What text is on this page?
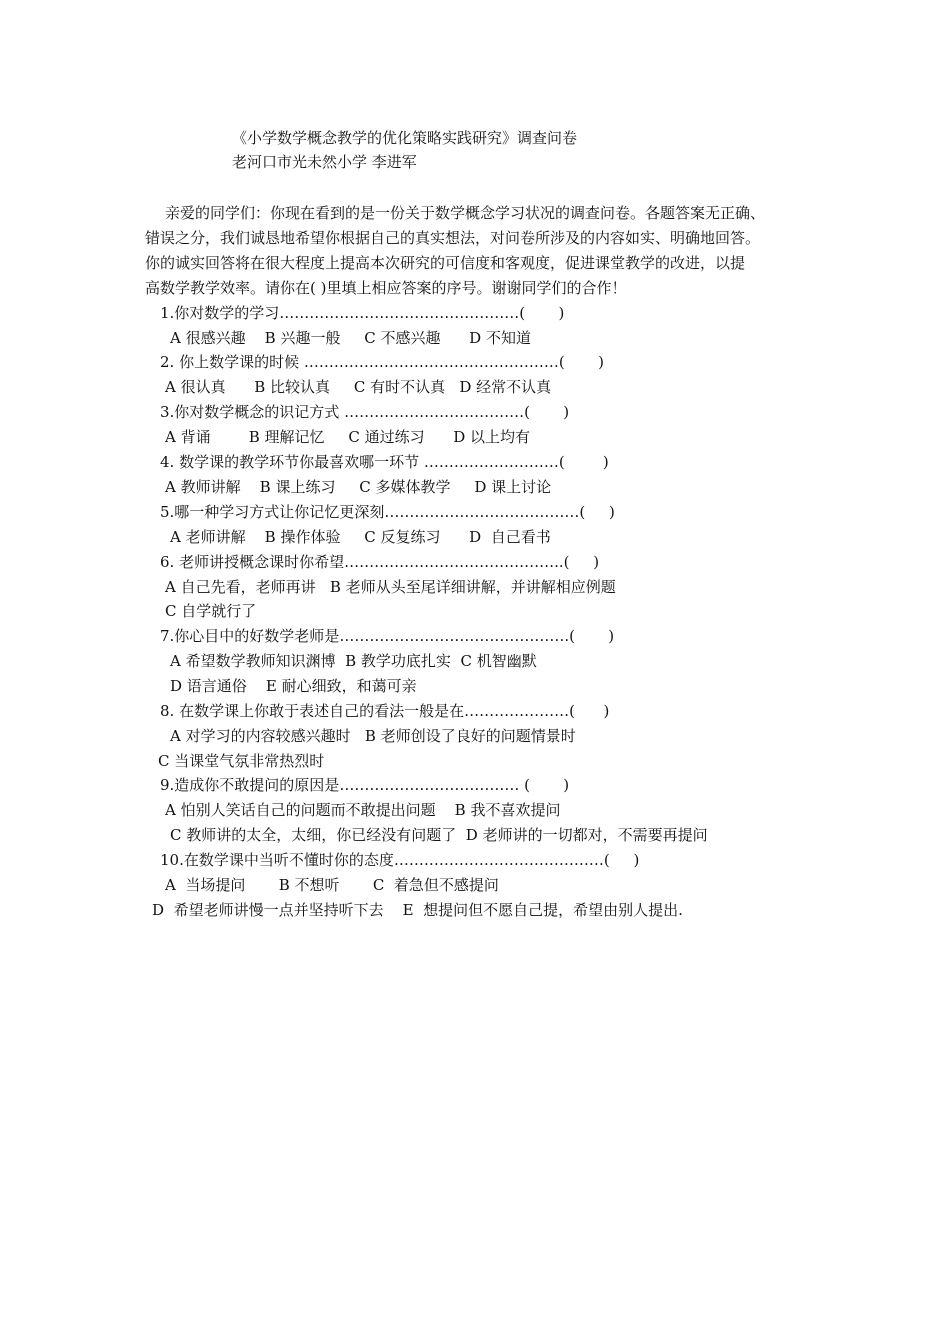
《小学数学概念教学的优化策略实践研究》调查问卷
老河口市光未然小学 李进军
亲爱的同学们：你现在看到的是一份关于数学概念学习状况的调查问卷。各题答案无正确、
错误之分，我们诚恳地希望你根据自己的真实想法，对问卷所涉及的内容如实、明确地回答。
你的诚实回答将在很大程度上提高本次研究的可信度和客观度，促进课堂教学的改进，以提
高数学教学效率。请你在( )里填上相应答案的序号。谢谢同学们的合作！
1.你对数学的学习…………………………………………(       )
A 很感兴趣    B 兴趣一般     C 不感兴趣      D 不知道
2. 你上数学课的时候 ……………………………………………(       )
A 很认真      B 比较认真     C 有时不认真   D 经常不认真
3.你对数学概念的识记方式 ………………………………(       )
A 背诵        B 理解记忆     C 通过练习      D 以上均有
4. 数学课的教学环节你最喜欢哪一环节 ………………………(        )
A 教师讲解    B 课上练习     C 多媒体教学     D 课上讨论
5.哪一种学习方式让你记忆更深刻…………………………………(     )
A 老师讲解    B 操作体验     C 反复练习      D  自己看书
6. 老师讲授概念课时你希望……………………………………..(     )
A 自己先看，老师再讲   B 老师从头至尾详细讲解，并讲解相应例题
C 自学就行了
7.你心目中的好数学老师是……………………………………….(       )
A 希望数学教师知识渊博  B 教学功底扎实  C 机智幽默
D 语言通俗    E 耐心细致，和蔼可亲
8. 在数学课上你敢于表述自己的看法一般是在…………………(      )
A 对学习的内容较感兴趣时   B 老师创设了良好的问题情景时
C 当课堂气氛非常热烈时
9.造成你不敢提问的原因是……………………………… (       )
A 怕别人笑话自己的问题而不敢提出问题    B 我不喜欢提问
C 教师讲的太全，太细，你已经没有问题了  D 老师讲的一切都对，不需要再提问
10.在数学课中当听不懂时你的态度……………………………………(     )
A  当场提问       B 不想听       C  着急但不感提问
D  希望老师讲慢一点并坚持听下去    E  想提问但不愿自己提，希望由别人提出.
